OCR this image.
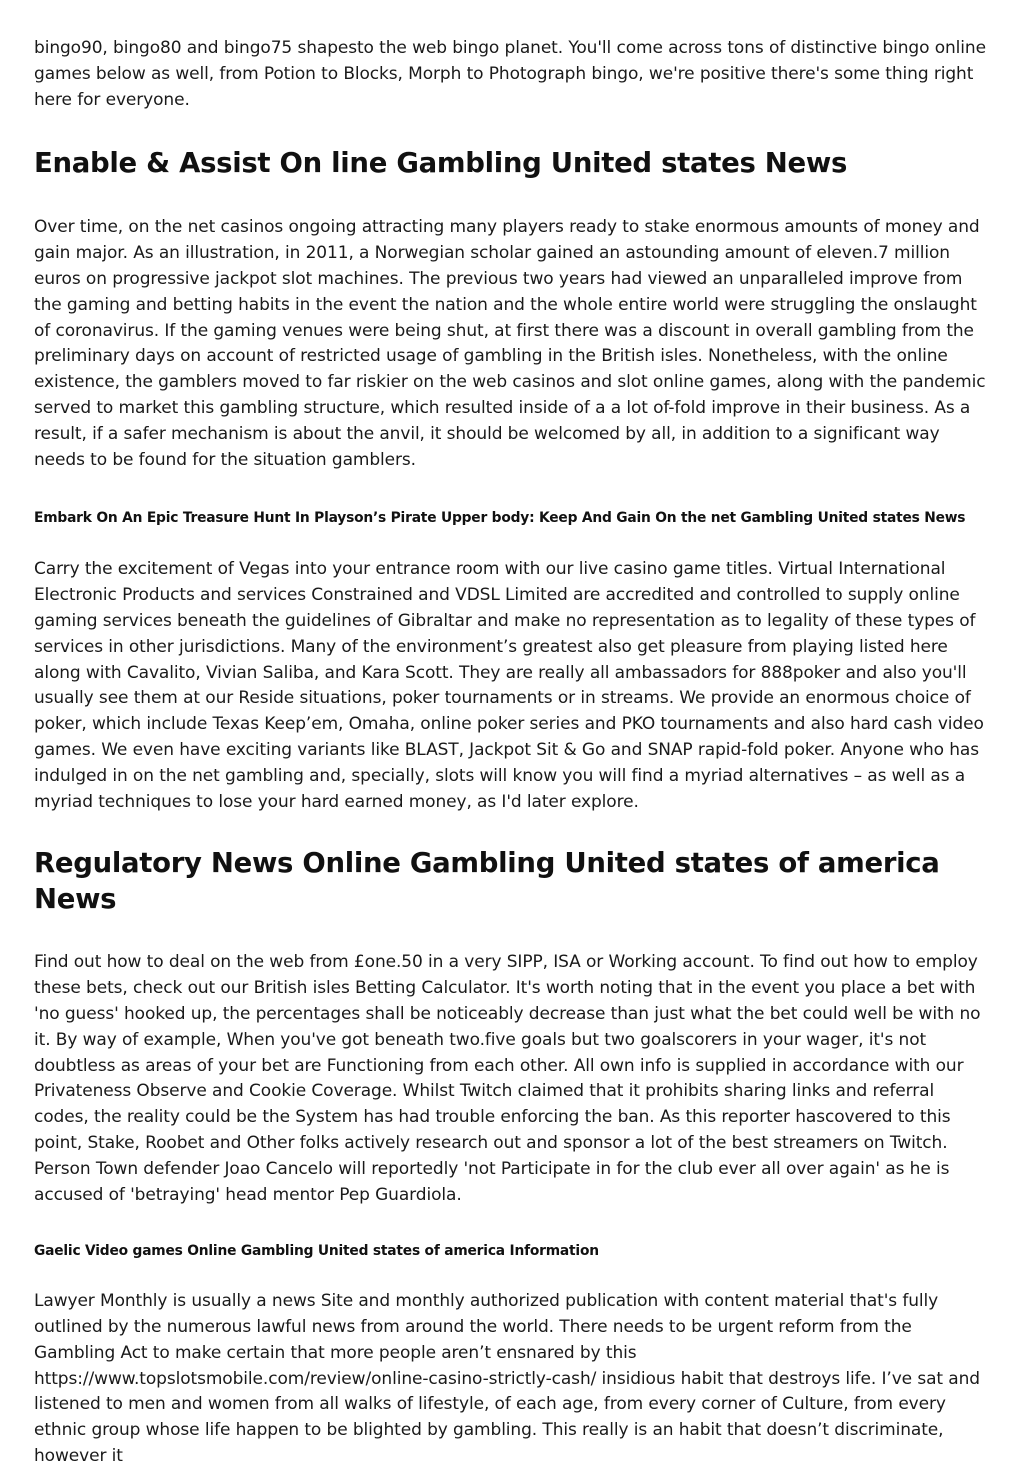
bingo90, bingo80 and bingo75 shapesto the web bingo planet. You'll come across tons of distinctive bingo online games below as well, from Potion to Blocks, Morph to Photograph bingo, we're positive there's some thing right here for everyone.

Enable & Assist On line Gambling United states News

Over time, on the net casinos ongoing attracting many players ready to stake enormous amounts of money and gain major. As an illustration, in 2011, a Norwegian scholar gained an astounding amount of eleven.7 million euros on progressive jackpot slot machines. The previous two years had viewed an unparalleled improve from the gaming and betting habits in the event the nation and the whole entire world were struggling the onslaught of coronavirus. If the gaming venues were being shut, at first there was a discount in overall gambling from the preliminary days on account of restricted usage of gambling in the British isles. Nonetheless, with the online existence, the gamblers moved to far riskier on the web casinos and slot online games, along with the pandemic served to market this gambling structure, which resulted inside of a a lot of-fold improve in their business. As a result, if a safer mechanism is about the anvil, it should be welcomed by all, in addition to a significant way needs to be found for the situation gamblers.

Embark On An Epic Treasure Hunt In Playson’s Pirate Upper body: Keep And Gain On the net Gambling United states News

Carry the excitement of Vegas into your entrance room with our live casino game titles. Virtual International Electronic Products and services Constrained and VDSL Limited are accredited and controlled to supply online gaming services beneath the guidelines of Gibraltar and make no representation as to legality of these types of services in other jurisdictions. Many of the environment’s greatest also get pleasure from playing listed here along with Cavalito, Vivian Saliba, and Kara Scott. They are really all ambassadors for 888poker and also you'll usually see them at our Reside situations, poker tournaments or in streams. We provide an enormous choice of poker, which include Texas Keep’em, Omaha, online poker series and PKO tournaments and also hard cash video games. We even have exciting variants like BLAST, Jackpot Sit & Go and SNAP rapid-fold poker. Anyone who has indulged in on the net gambling and, specially, slots will know you will find a myriad alternatives – as well as a myriad techniques to lose your hard earned money, as I'd later explore.

Regulatory News Online Gambling United states of america News

Find out how to deal on the web from £one.50 in a very SIPP, ISA or Working account. To find out how to employ these bets, check out our British isles Betting Calculator. It's worth noting that in the event you place a bet with 'no guess' hooked up, the percentages shall be noticeably decrease than just what the bet could well be with no it. By way of example, When you've got beneath two.five goals but two goalscorers in your wager, it's not doubtless as areas of your bet are Functioning from each other. All own info is supplied in accordance with our Privateness Observe and Cookie Coverage. Whilst Twitch claimed that it prohibits sharing links and referral codes, the reality could be the System has had trouble enforcing the ban. As this reporter hascovered to this point, Stake, Roobet and Other folks actively research out and sponsor a lot of the best streamers on Twitch. Person Town defender Joao Cancelo will reportedly 'not Participate in for the club ever all over again' as he is accused of 'betraying' head mentor Pep Guardiola.

Gaelic Video games Online Gambling United states of america Information

Lawyer Monthly is usually a news Site and monthly authorized publication with content material that's fully outlined by the numerous lawful news from around the world. There needs to be urgent reform from the Gambling Act to make certain that more people aren’t ensnared by this https://www.topslotsmobile.com/review/online-casino-strictly-cash/ insidious habit that destroys life. I’ve sat and listened to men and women from all walks of lifestyle, of each age, from every corner of Culture, from every ethnic group whose life happen to be blighted by gambling. This really is an habit that doesn’t discriminate, however it
